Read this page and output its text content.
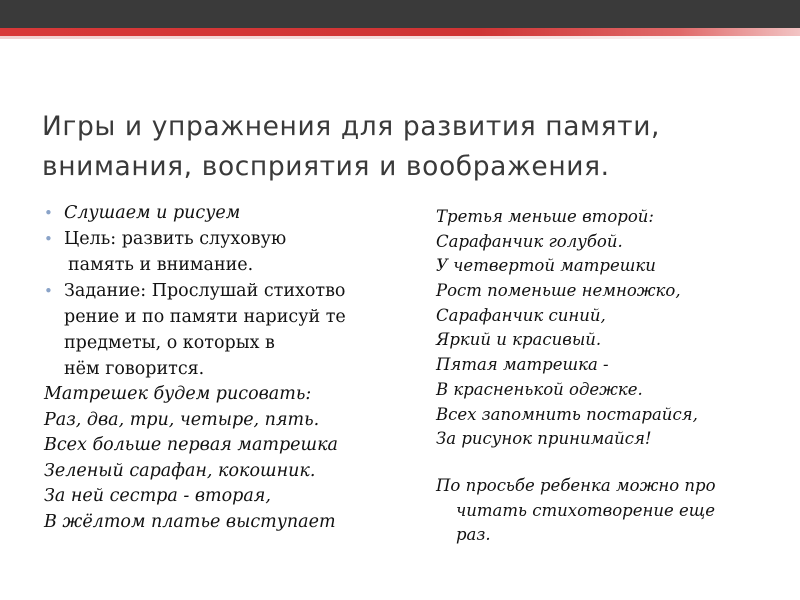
Игры и упражнения для развития памяти,
внимания, восприятия и воображения.
• Слушаем и рисуем
• Цель: развить слуховую
память и внимание.
• Задание: Прослушай стихотво
рение и по памяти нарисуй те
предметы, о которых в
нём говорится.
Матрешек будем рисовать:
Раз, два, три, четыре, пять.
Всех больше первая матрешка
Зеленый сарафан, кокошник.
За ней сестра - вторая,
В жёлтом платье выступает
Третья меньше второй:
Сарафанчик голубой.
У четвертой матрешки
Рост поменьше немножко,
Сарафанчик синий,
Яркий и красивый.
Пятая матрешка -
В красненькой одежке.
Всех запомнить постарайся,
За рисунок принимайся!
По просьбе ребенка можно про
читать стихотворение еще
раз.
